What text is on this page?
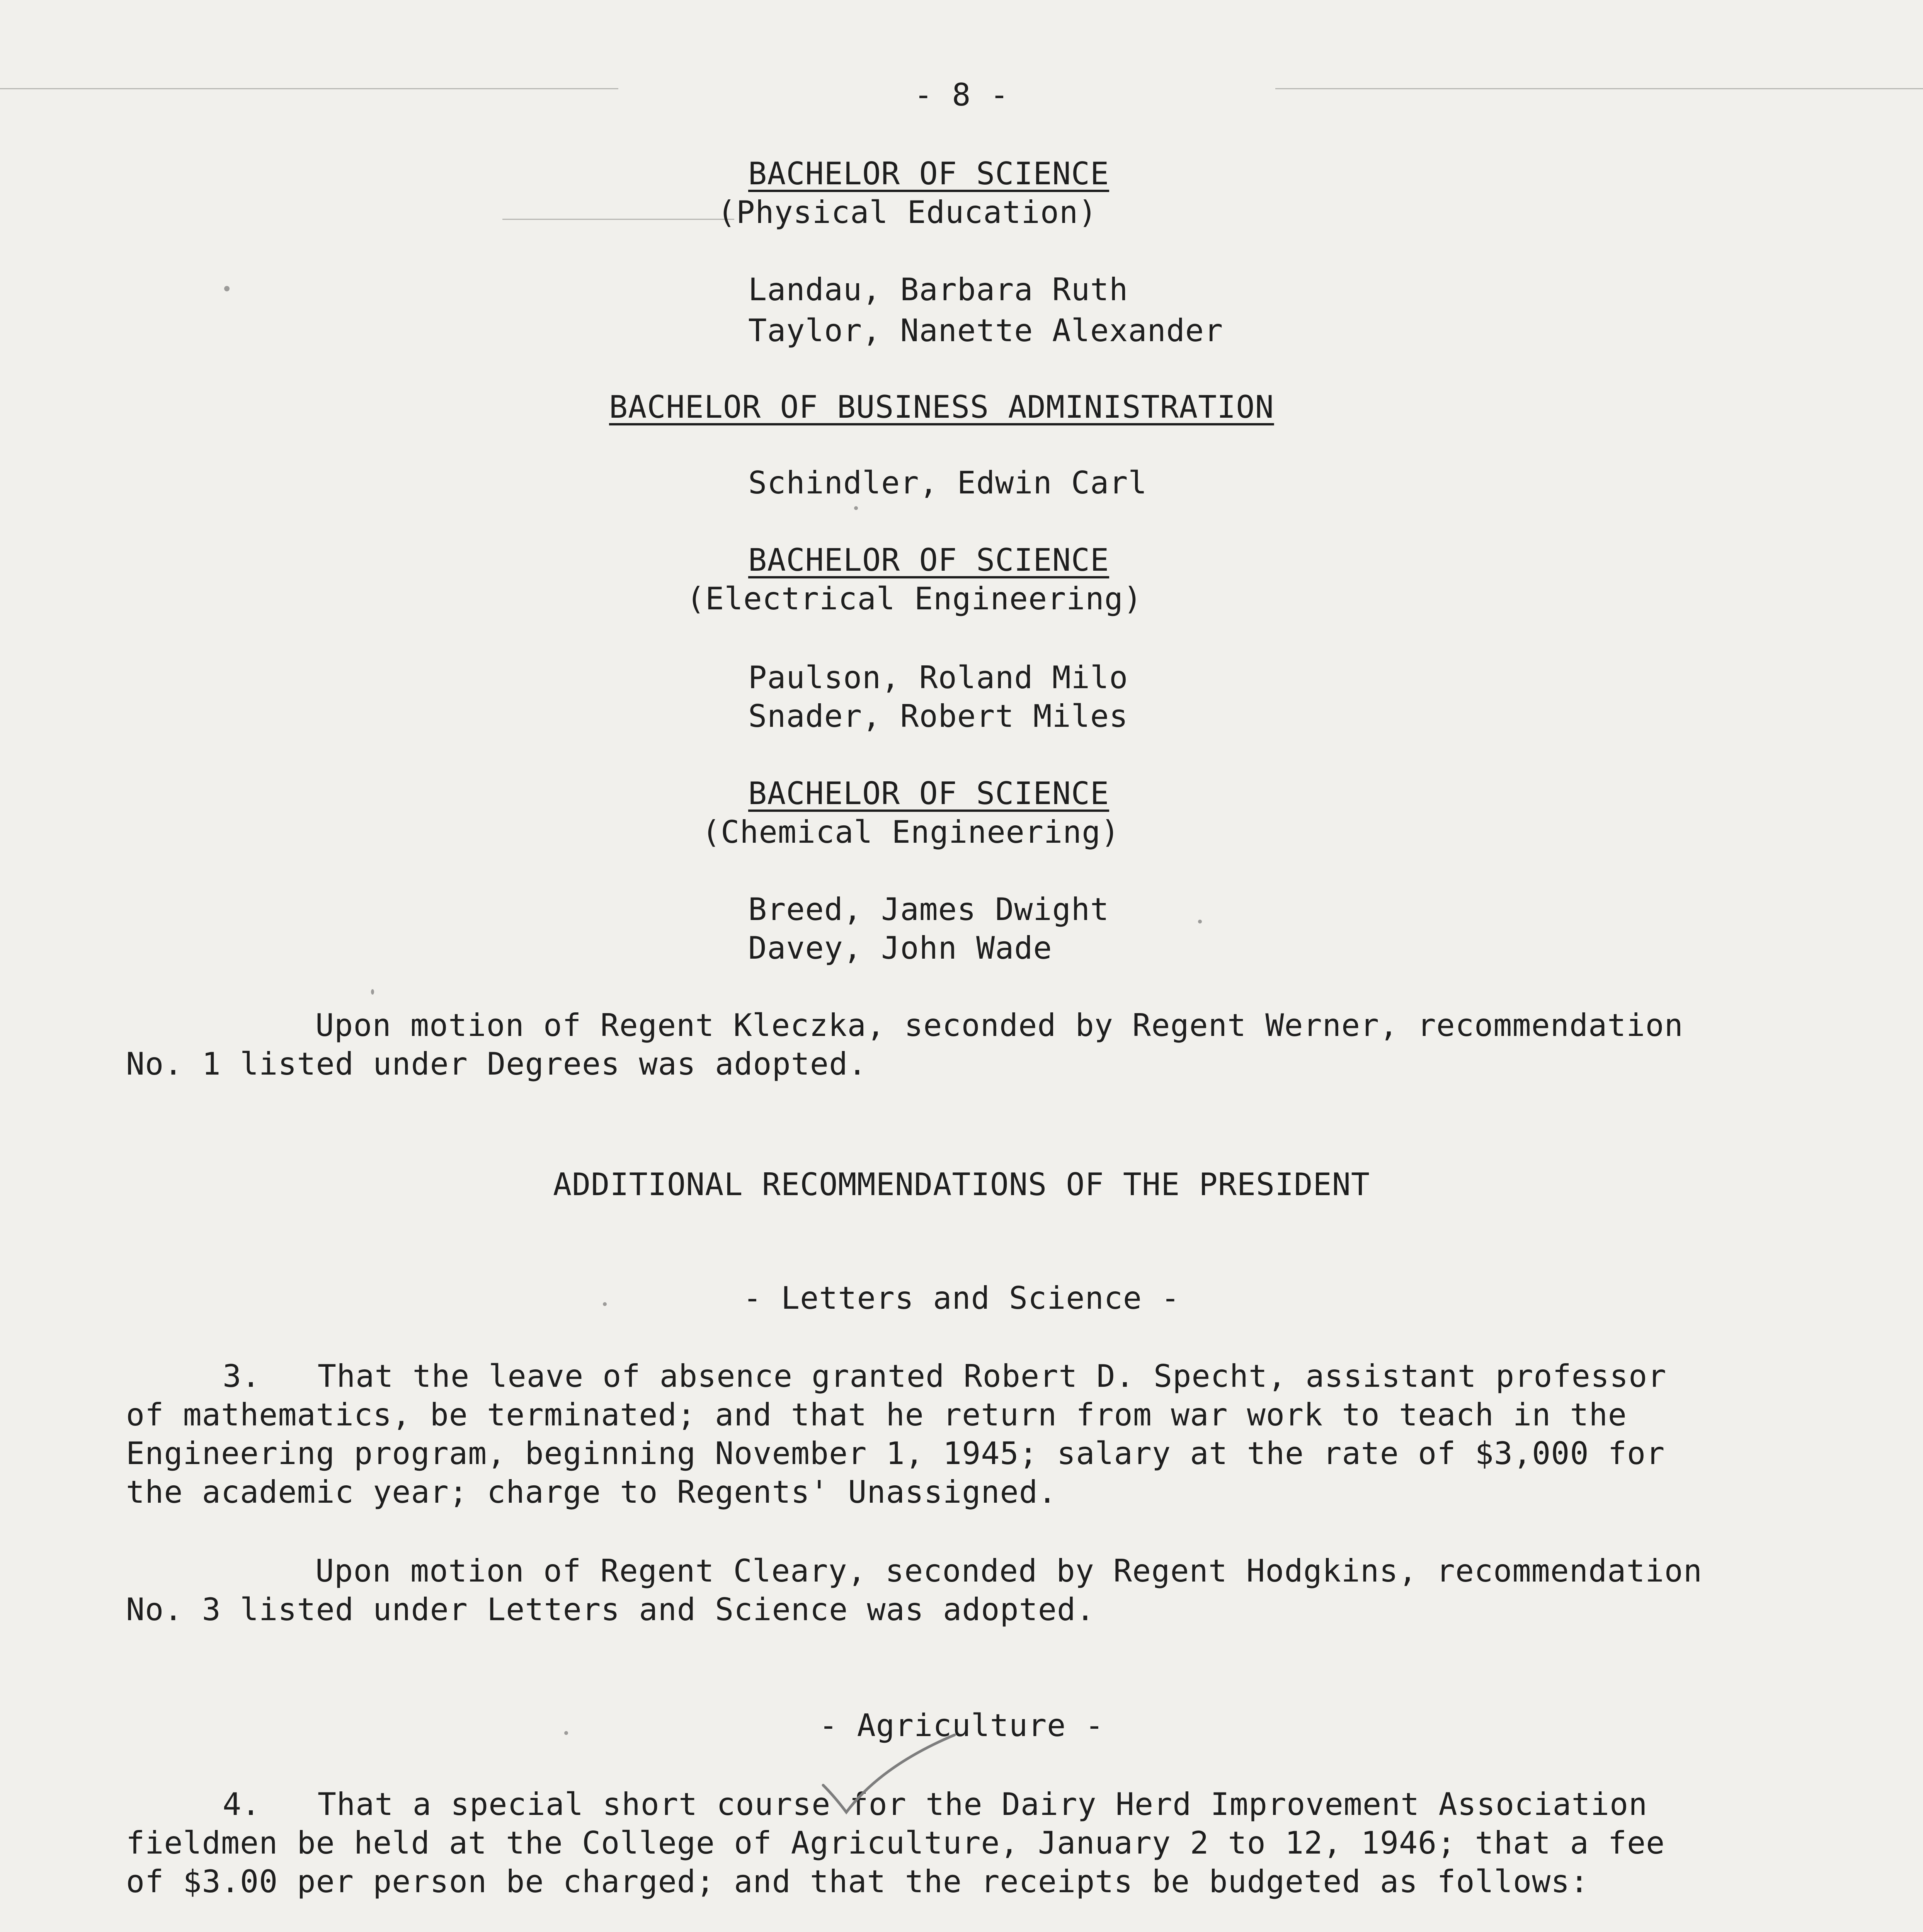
- 8 -
BACHELOR OF SCIENCE
(Physical Education)
Landau, Barbara Ruth
Taylor, Nanette Alexander
BACHELOR OF BUSINESS ADMINISTRATION
Schindler, Edwin Carl
BACHELOR OF SCIENCE
(Electrical Engineering)
Paulson, Roland Milo
Snader, Robert Miles
BACHELOR OF SCIENCE
(Chemical Engineering)
Breed, James Dwight
Davey, John Wade
Upon motion of Regent Kleczka, seconded by Regent Werner, recommendation
No. 1 listed under Degrees was adopted.
ADDITIONAL RECOMMENDATIONS OF THE PRESIDENT
- Letters and Science -
3.   That the leave of absence granted Robert D. Specht, assistant professor
of mathematics, be terminated; and that he return from war work to teach in the
Engineering program, beginning November 1, 1945; salary at the rate of $3,000 for
the academic year; charge to Regents' Unassigned.
Upon motion of Regent Cleary, seconded by Regent Hodgkins, recommendation
No. 3 listed under Letters and Science was adopted.
- Agriculture -
4.   That a special short course for the Dairy Herd Improvement Association
fieldmen be held at the College of Agriculture, January 2 to 12, 1946; that a fee
of $3.00 per person be charged; and that the receipts be budgeted as follows:
